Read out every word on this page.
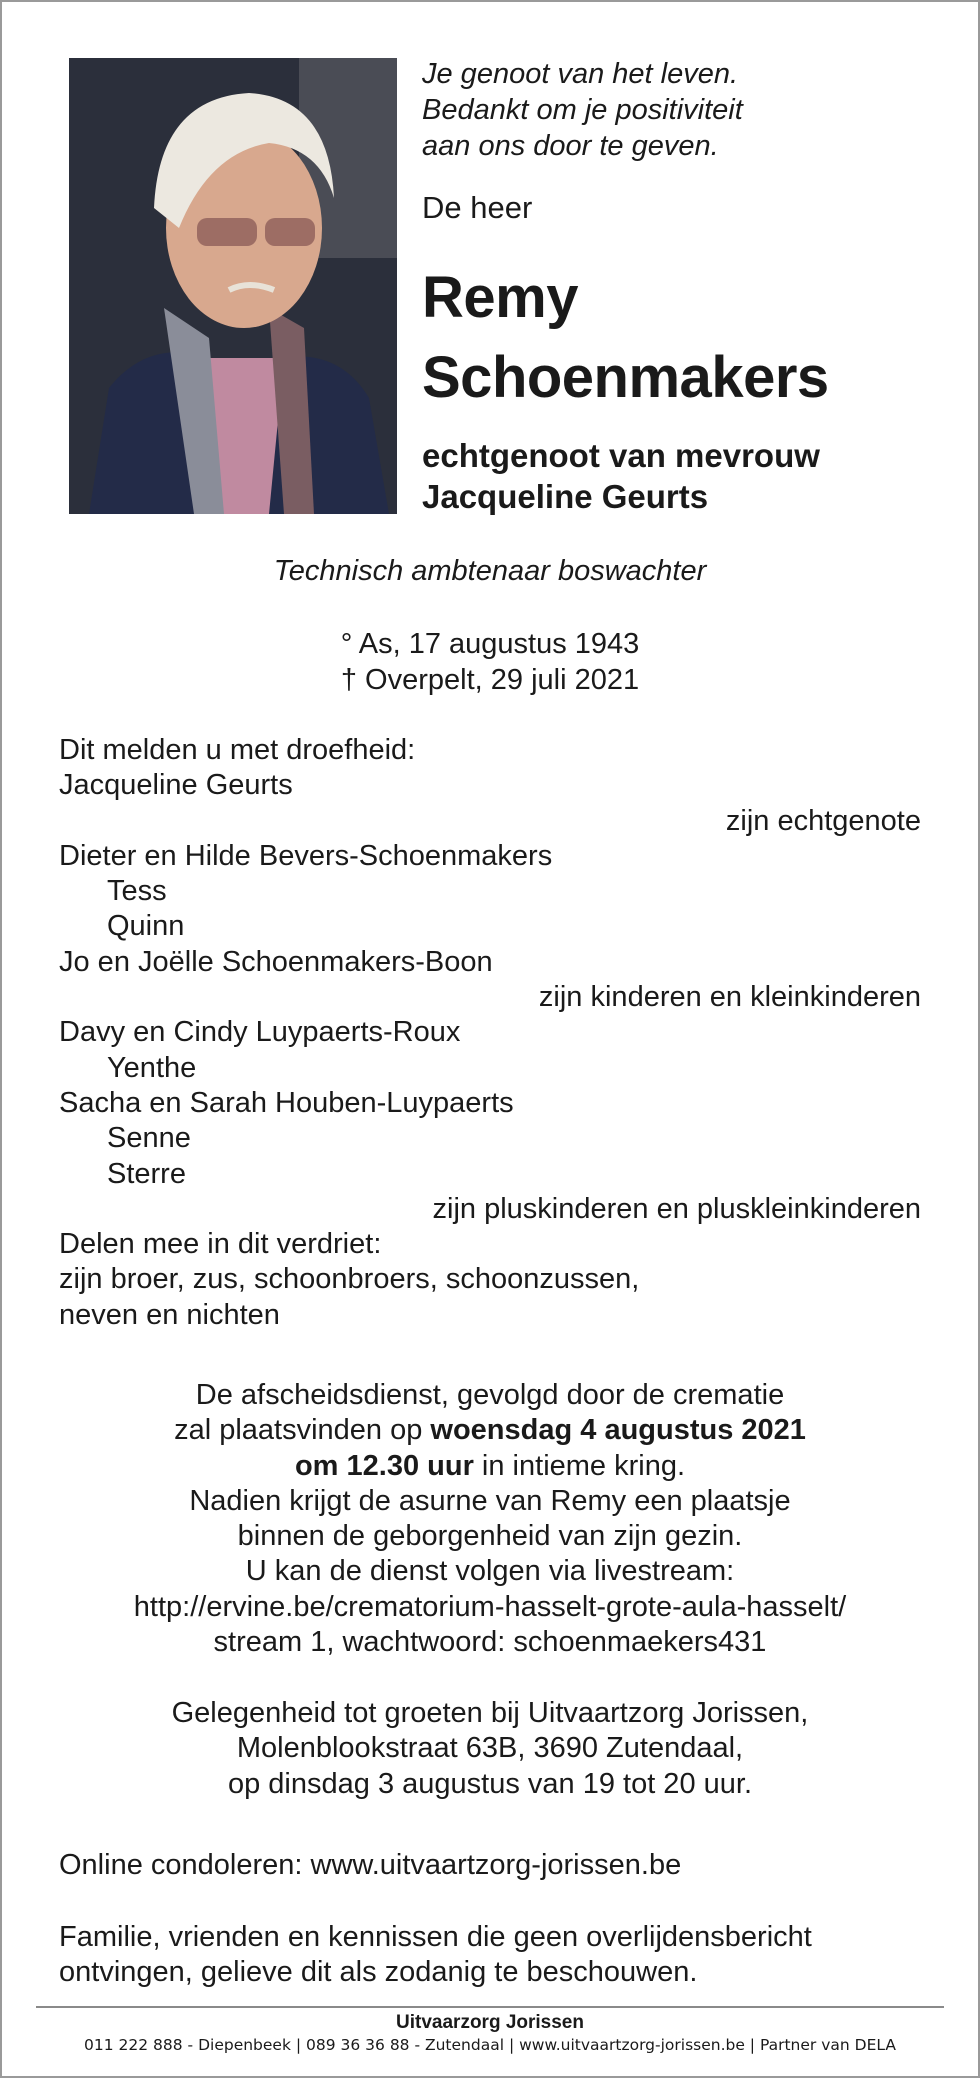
Je genoot van het leven.
Bedankt om je positiviteit
aan ons door te geven.
De heer
Remy
Schoenmakers
echtgenoot van mevrouw
Jacqueline Geurts
Technisch ambtenaar boswachter
° As, 17 augustus 1943
† Overpelt, 29 juli 2021
Dit melden u met droefheid:
Jacqueline Geurts
zijn echtgenote
Dieter en Hilde Bevers-Schoenmakers
Tess
Quinn
Jo en Joëlle Schoenmakers-Boon
zijn kinderen en kleinkinderen
Davy en Cindy Luypaerts-Roux
Yenthe
Sacha en Sarah Houben-Luypaerts
Senne
Sterre
zijn pluskinderen en pluskleinkinderen
Delen mee in dit verdriet:
zijn broer, zus, schoonbroers, schoonzussen,
neven en nichten
De afscheidsdienst, gevolgd door de crematie
zal plaatsvinden op woensdag 4 augustus 2021
om 12.30 uur in intieme kring.
Nadien krijgt de asurne van Remy een plaatsje
binnen de geborgenheid van zijn gezin.
U kan de dienst volgen via livestream:
http://ervine.be/crematorium-hasselt-grote-aula-hasselt/
stream 1, wachtwoord: schoenmaekers431
Gelegenheid tot groeten bij Uitvaartzorg Jorissen,
Molenblookstraat 63B, 3690 Zutendaal,
op dinsdag 3 augustus van 19 tot 20 uur.
Online condoleren: www.uitvaartzorg-jorissen.be
Familie, vrienden en kennissen die geen overlijdensbericht
ontvingen, gelieve dit als zodanig te beschouwen.
Uitvaarzorg Jorissen
011 222 888 - Diepenbeek | 089 36 36 88 - Zutendaal | www.uitvaartzorg-jorissen.be | Partner van DELA
